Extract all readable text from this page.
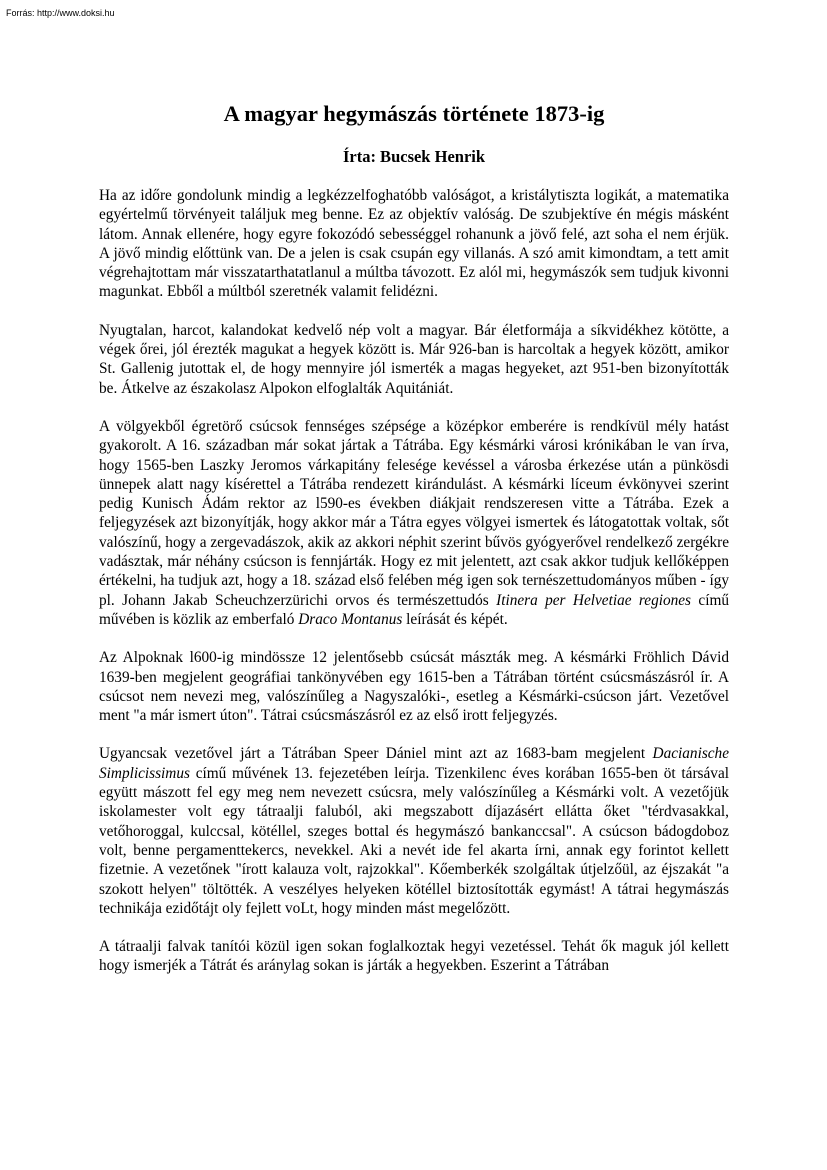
Forrás: http://www.doksi.hu
A magyar hegymászás története 1873-ig
Írta: Bucsek Henrik

Ha az időre gondolunk mindig a legkézzelfoghatóbb valóságot, a kristálytiszta logikát, a matematika egyértelmű törvényeit találjuk meg benne. Ez az objektív valóság. De szubjektíve én mégis másként látom. Annak ellenére, hogy egyre fokozódó sebességgel rohanunk a jövő felé, azt soha el nem érjük. A jövő mindig előttünk van. De a jelen is csak csupán egy villanás. A szó amit kimondtam, a tett amit végrehajtottam már visszatarthatatlanul a múltba távozott. Ez alól mi, hegymászók sem tudjuk kivonni magunkat. Ebből a múltból szeretnék valamit felidézni.

Nyugtalan, harcot, kalandokat kedvelő nép volt a magyar. Bár életformája a síkvidékhez kötötte, a végek őrei, jól érezték magukat a hegyek között is. Már 926-ban is harcoltak a hegyek között, amikor St. Gallenig jutottak el, de hogy mennyire jól ismerték a magas hegyeket, azt 951-ben bizonyították be. Átkelve az északolasz Alpokon elfoglalták Aquitániát.

A völgyekből égretörő csúcsok fennséges szépsége a középkor emberére is rendkívül mély hatást gyakorolt. A 16. században már sokat jártak a Tátrába. Egy késmárki városi krónikában le van írva, hogy 1565-ben Laszky Jeromos várkapitány felesége kevéssel a városba érkezése után a pünkösdi ünnepek alatt nagy kísérettel a Tátrába rendezett kirándulást. A késmárki líceum évkönyvei szerint pedig Kunisch Ádám rektor az l590-es években diákjait rendszeresen vitte a Tátrába. Ezek a feljegyzések azt bizonyítják, hogy akkor már a Tátra egyes völgyei ismertek és látogatottak voltak, sőt valószínű, hogy a zergevadászok, akik az akkori néphit szerint bűvös gyógyerővel rendelkező zergékre vadásztak, már néhány csúcson is fennjárták. Hogy ez mit jelentett, azt csak akkor tudjuk kellőképpen értékelni, ha tudjuk azt, hogy a 18. század első felében még igen sok ternészettudományos műben - így pl. Johann Jakab Scheuchzerzürichi orvos és természettudós Itinera per Helvetiae regiones című művében is közlik az emberfaló Draco Montanus leírását és képét.

Az Alpoknak l600-ig mindössze 12 jelentősebb csúcsát mászták meg. A késmárki Fröhlich Dávid 1639-ben megjelent geográfiai tankönyvében egy 1615-ben a Tátrában történt csúcsmászásról ír. A csúcsot nem nevezi meg, valószínűleg a Nagyszalóki-, esetleg a Késmárki-csúcson járt. Vezetővel ment "a már ismert úton". Tátrai csúcsmászásról ez az első irott feljegyzés.

Ugyancsak vezetővel járt a Tátrában Speer Dániel mint azt az 1683-bam megjelent Dacianische Simplicissimus című művének 13. fejezetében leírja. Tizenkilenc éves korában 1655-ben öt társával együtt mászott fel egy meg nem nevezett csúcsra, mely valószínűleg a Késmárki volt. A vezetőjük iskolamester volt egy tátraalji faluból, aki megszabott díjazásért ellátta őket "térdvasakkal, vetőhoroggal, kulccsal, kötéllel, szeges bottal és hegymászó bankanccsal". A csúcson bádogdoboz volt, benne pergamenttekercs, nevekkel. Aki a nevét ide fel akarta írni, annak egy forintot kellett fizetnie. A vezetőnek "írott kalauza volt, rajzokkal". Kőemberkék szolgáltak útjelzőül, az éjszakát "a szokott helyen" töltötték. A veszélyes helyeken kötéllel biztosították egymást! A tátrai hegymászás technikája ezidőtájt oly fejlett voLt, hogy minden mást megelőzött.

A tátraalji falvak tanítói közül igen sokan foglalkoztak hegyi vezetéssel. Tehát ők maguk jól kellett hogy ismerjék a Tátrát és aránylag sokan is járták a hegyekben. Eszerint a Tátrában
